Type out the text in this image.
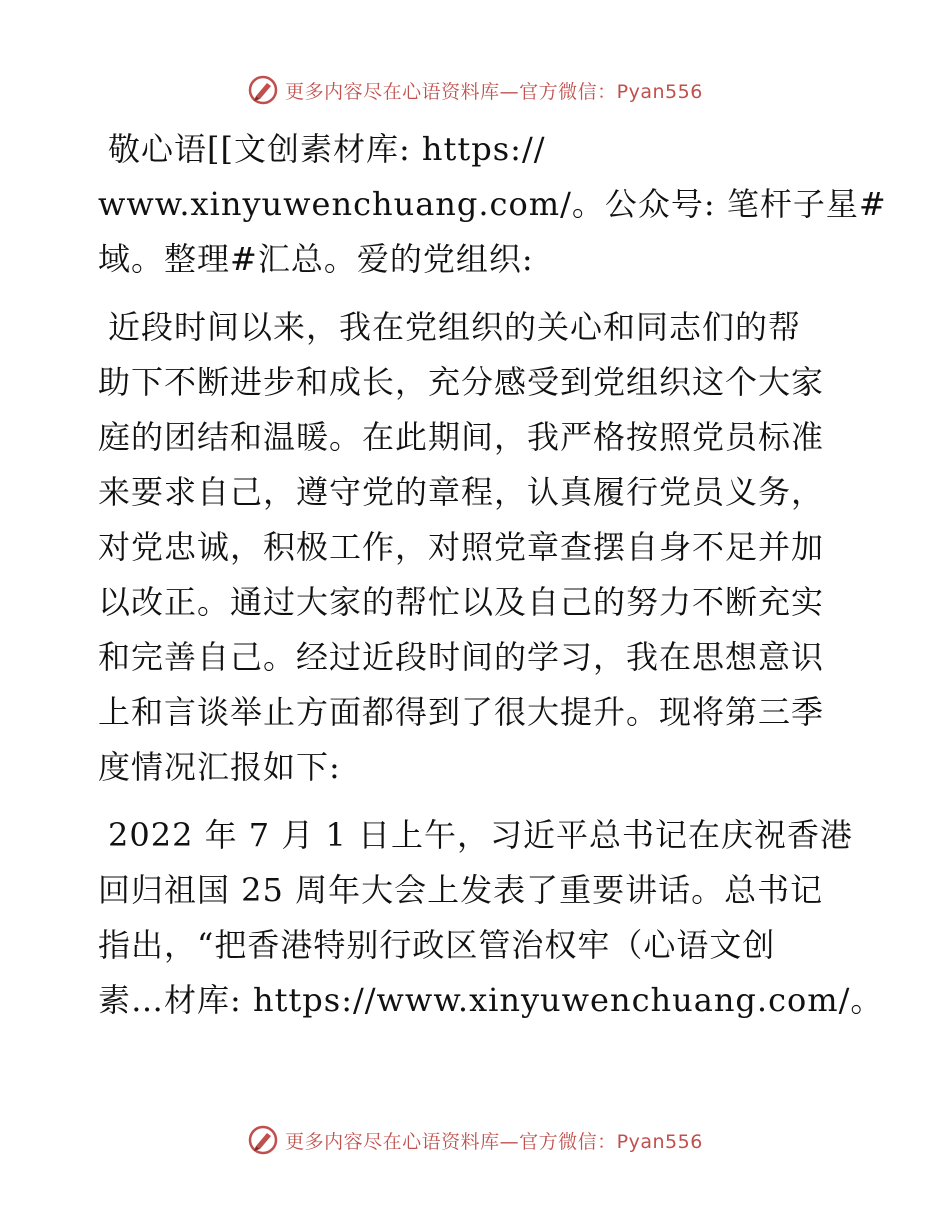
更多内容尽在心语资料库—官方微信：Pyan556
敬心语[[文创素材库: https://
www.xinyuwenchuang.com/。公众号: 笔杆子星#
域。整理#汇总。爱的党组织:
近段时间以来，我在党组织的关心和同志们的帮
助下不断进步和成长，充分感受到党组织这个大家
庭的团结和温暖。在此期间，我严格按照党员标准
来要求自己，遵守党的章程，认真履行党员义务，
对党忠诚，积极工作，对照党章查摆自身不足并加
以改正。通过大家的帮忙以及自己的努力不断充实
和完善自己。经过近段时间的学习，我在思想意识
上和言谈举止方面都得到了很大提升。现将第三季
度情况汇报如下:
2022 年 7 月 1 日上午，习近平总书记在庆祝香港
回归祖国 25 周年大会上发表了重要讲话。总书记
指出，“把香港特别行政区管治权牢（心语文创
素…材库: https://www.xinyuwenchuang.com/。
更多内容尽在心语资料库—官方微信：Pyan556
